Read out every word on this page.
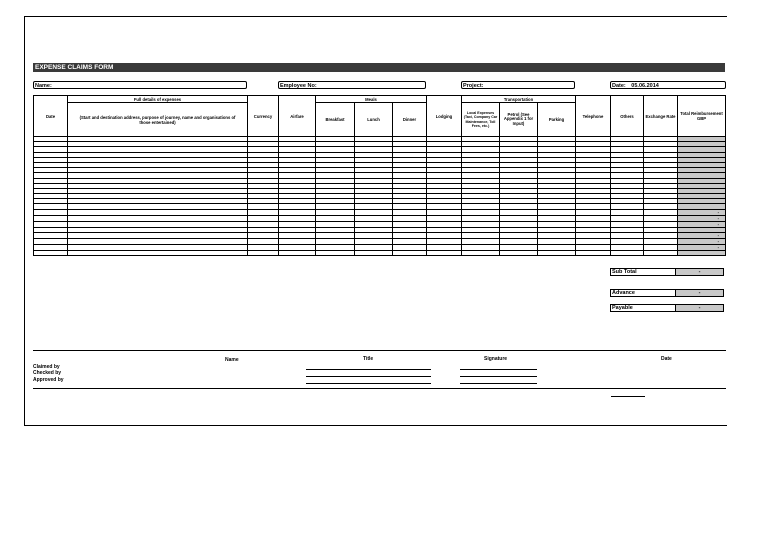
EXPENSE CLAIMS FORM
Name:	Employee No:	Project:	Date: 05.06.2014
Date	Full details of expenses	Currency	Airfare	Meals			Lodging	Transportation			Telephone	Others	Exchange Rate	Total Reimbursement GBP
	(Start and destination address, purpose of journey, name and organisations of those entertained)			Breakfast	Lunch	Dinner		Local Expenses (Taxi, Company Car Maintenance, Toll Fees, etc.)	Petrol (See Appendix 1 for Input)	Parking				

														-
														-
														-

														-
														-
														-

Sub Total	-
Advance	-
Payable	-
Name	Title	Signature	Date
Claimed by
Checked by
Approved by
